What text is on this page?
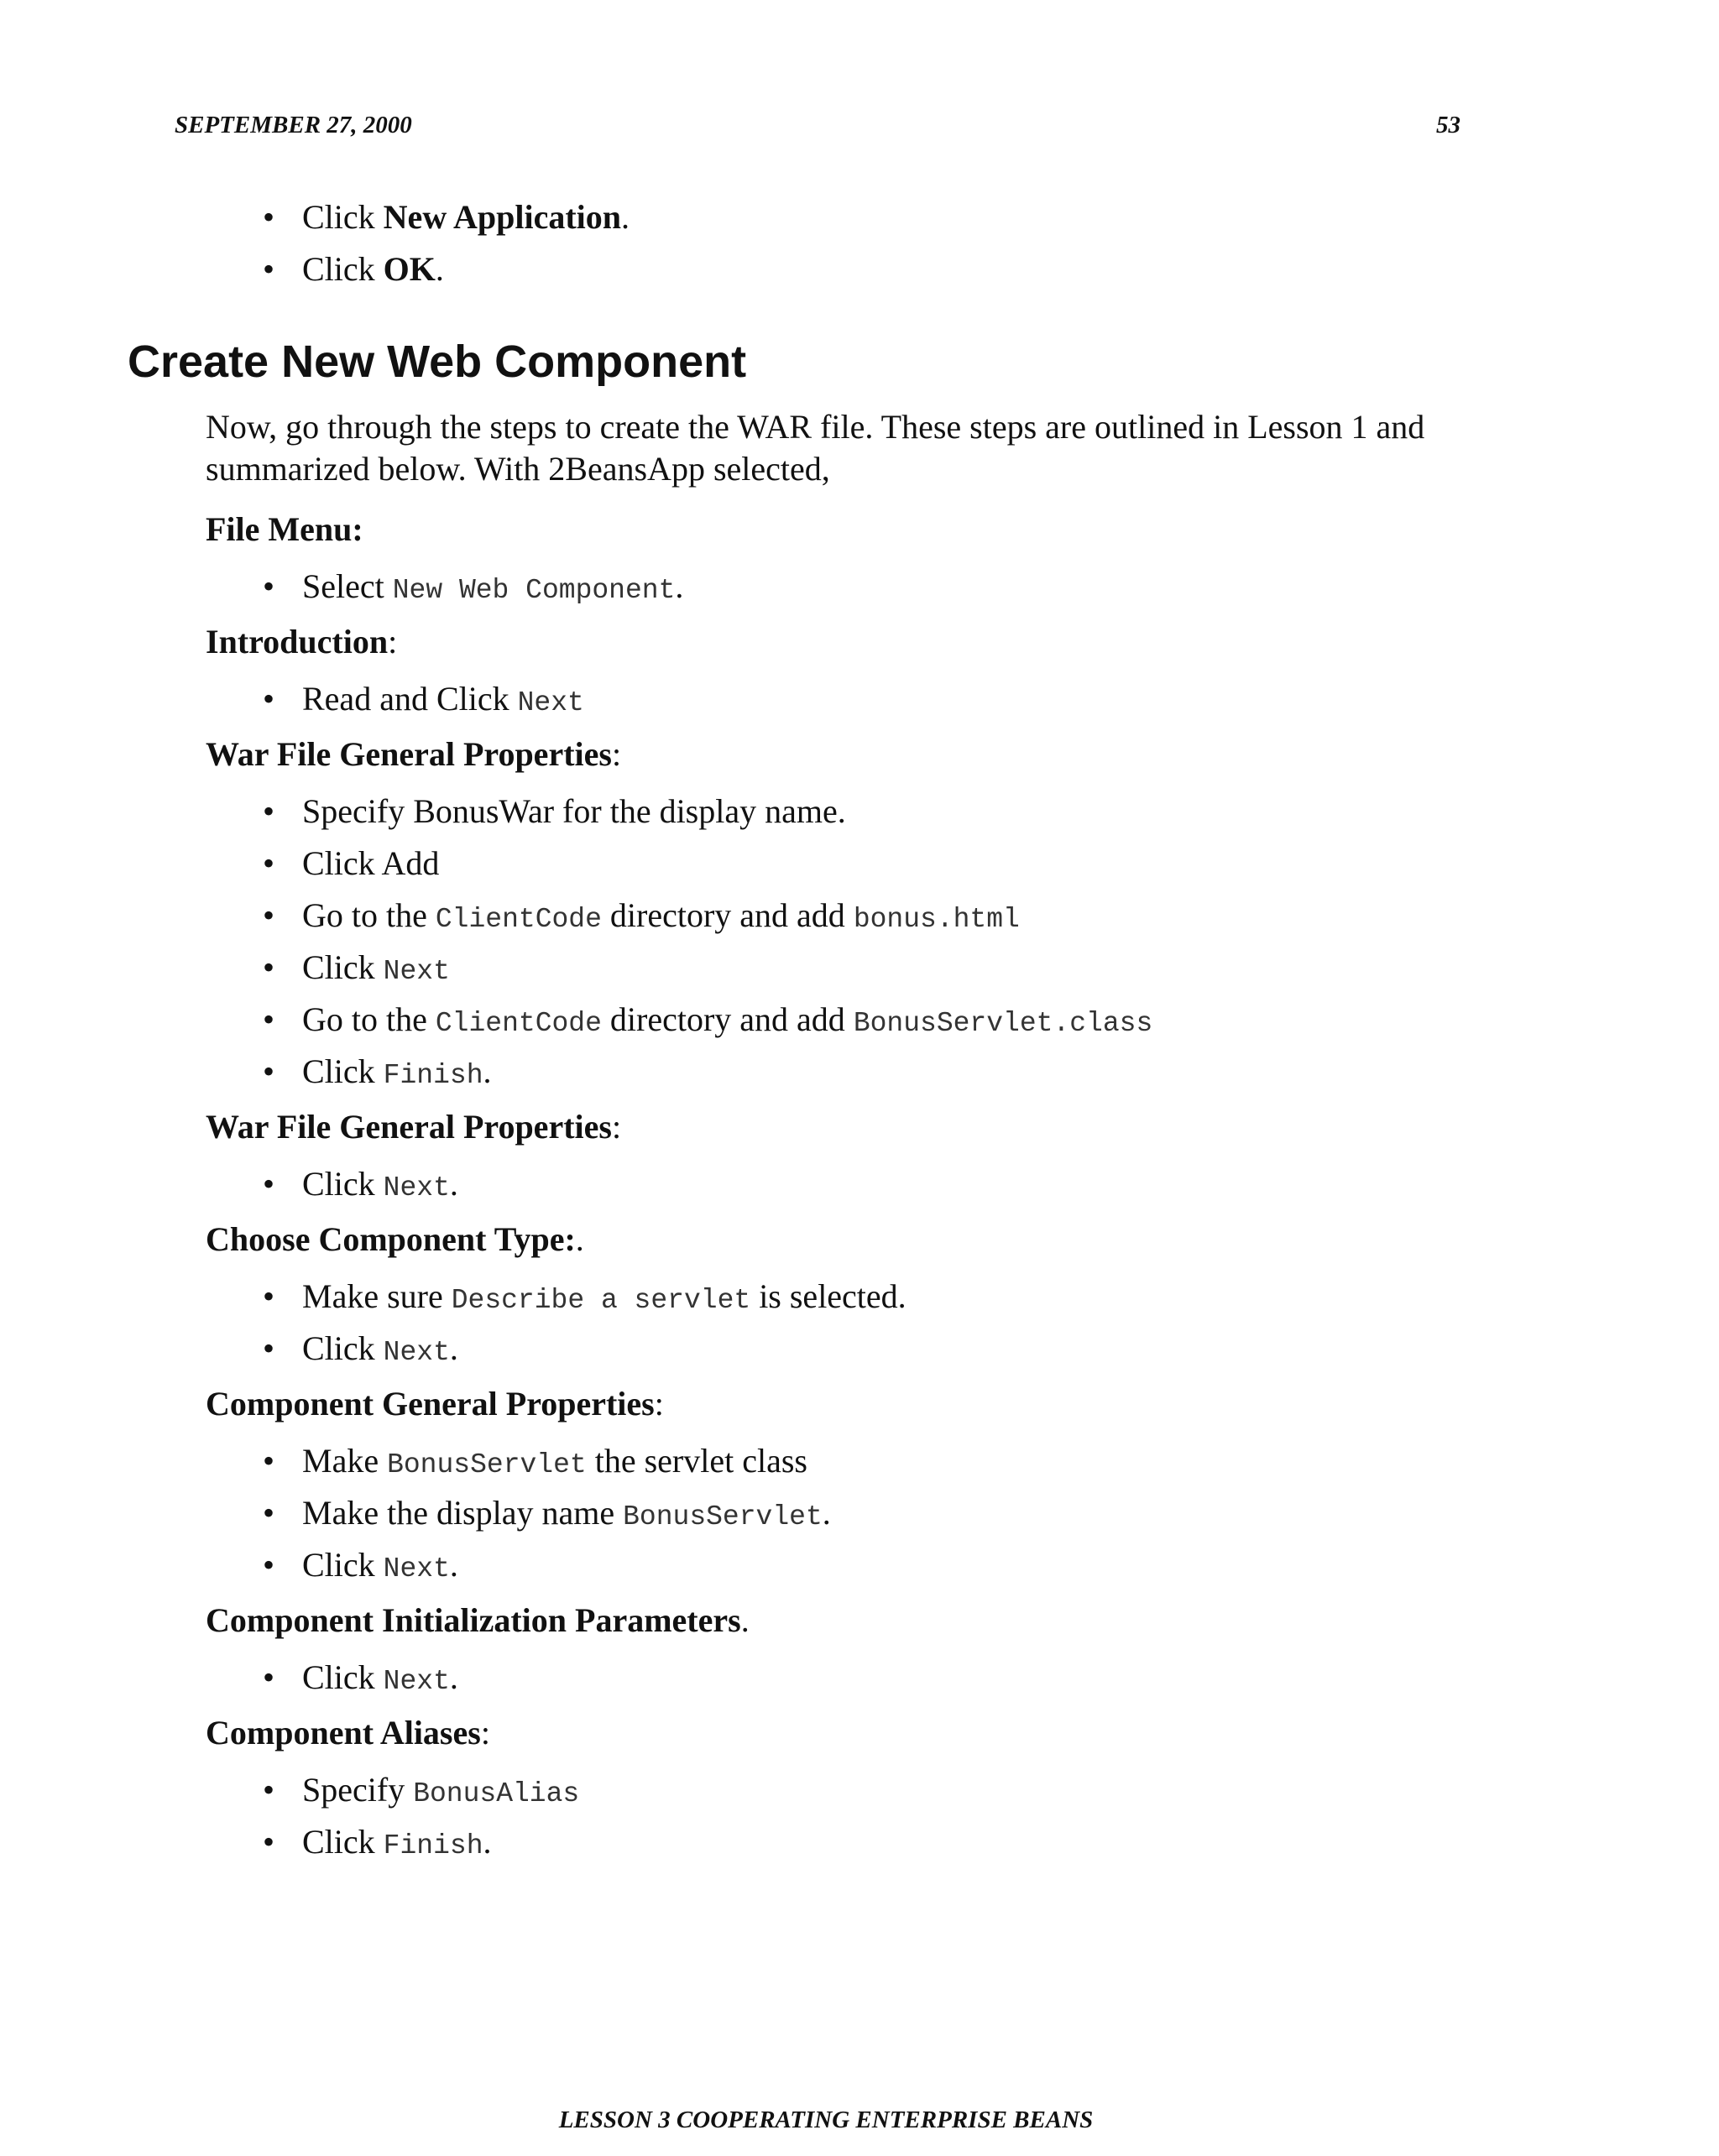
SEPTEMBER 27, 2000	53
• Click New Application.
• Click OK.
Create New Web Component
Now, go through the steps to create the WAR file. These steps are outlined in Lesson 1 and summarized below. With 2BeansApp selected,
File Menu:
• Select New Web Component.
Introduction:
• Read and Click Next
War File General Properties:
• Specify BonusWar for the display name.
• Click Add
• Go to the ClientCode directory and add bonus.html
• Click Next
• Go to the ClientCode directory and add BonusServlet.class
• Click Finish.
War File General Properties:
• Click Next.
Choose Component Type:.
• Make sure Describe a servlet is selected.
• Click Next.
Component General Properties:
• Make BonusServlet the servlet class
• Make the display name BonusServlet.
• Click Next.
Component Initialization Parameters.
• Click Next.
Component Aliases:
• Specify BonusAlias
• Click Finish.
LESSON 3 COOPERATING ENTERPRISE BEANS
